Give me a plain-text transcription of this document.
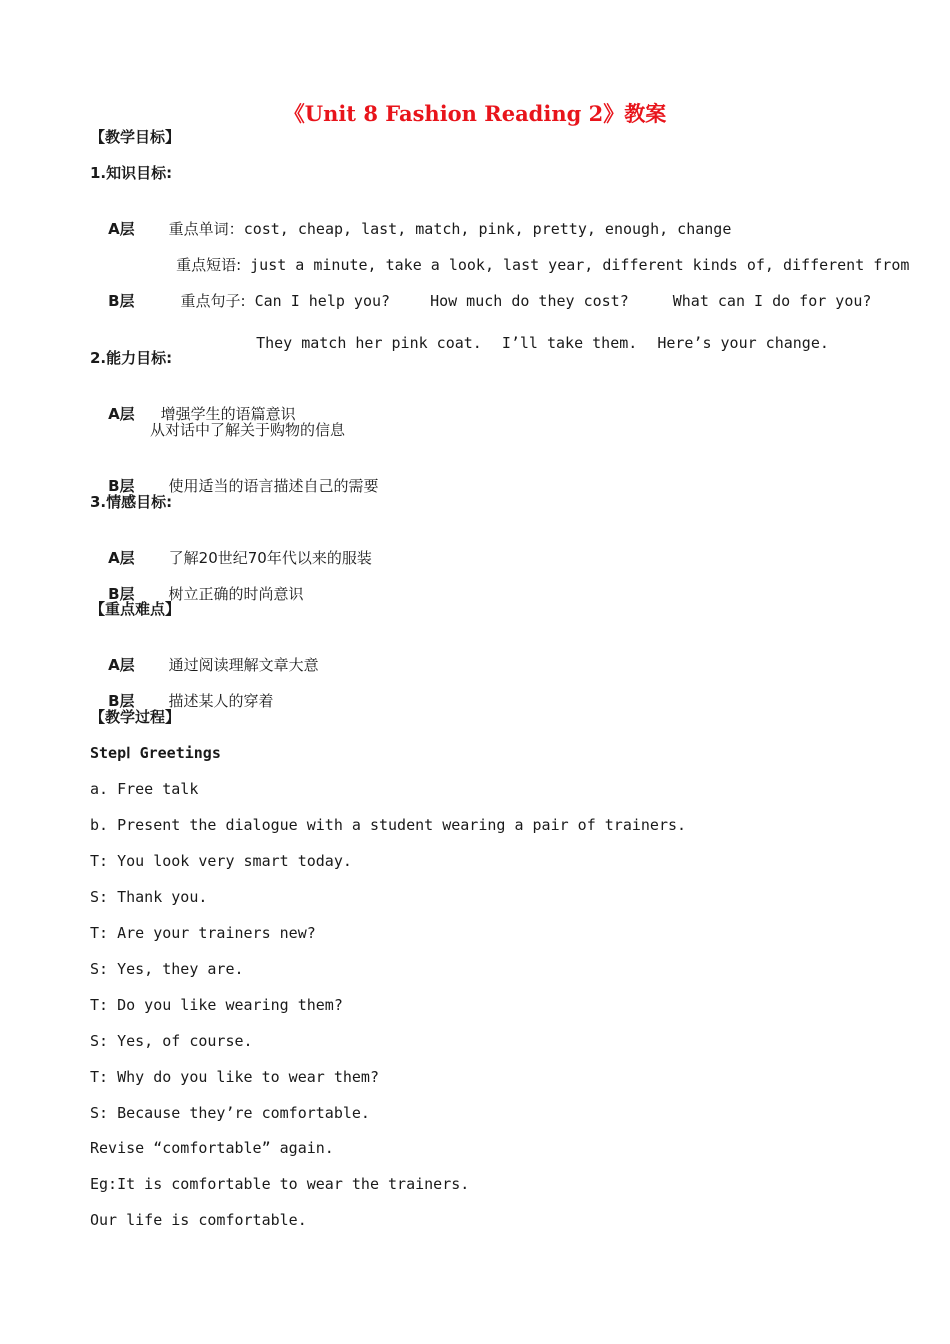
《Unit 8 Fashion Reading 2》教案
【教学目标】
1.知识目标:

A层 重点单词：cost, cheap, last, match, pink, pretty, enough, change

重点短语: just a minute, take a look, last year, different kinds of, different from

B层	重点句子: Can I help you?	How much do they cost?	What can I do for you?

They match her pink coat. I’ll take them. Here’s your change.

2.能力目标:

A层 增强学生的语篇意识

从对话中了解关于购物的信息

B层 使用适当的语言描述自己的需要

3.情感目标:

A层 了解20世纪70年代以来的服装

B层 树立正确的时尚意识

【重点难点】

A层 通过阅读理解文章大意

B层 描述某人的穿着

【教学过程】
StepⅠ Greetings
a. Free talk
b. Present the dialogue with a student wearing a pair of trainers.
T: You look very smart today.
S: Thank you.
T: Are your trainers new?
S: Yes, they are.
T: Do you like wearing them?
S: Yes, of course.
T: Why do you like to wear them?
S: Because they’re comfortable.
Revise “comfortable” again.
Eg:It is comfortable to wear the trainers.
Our life is comfortable.
